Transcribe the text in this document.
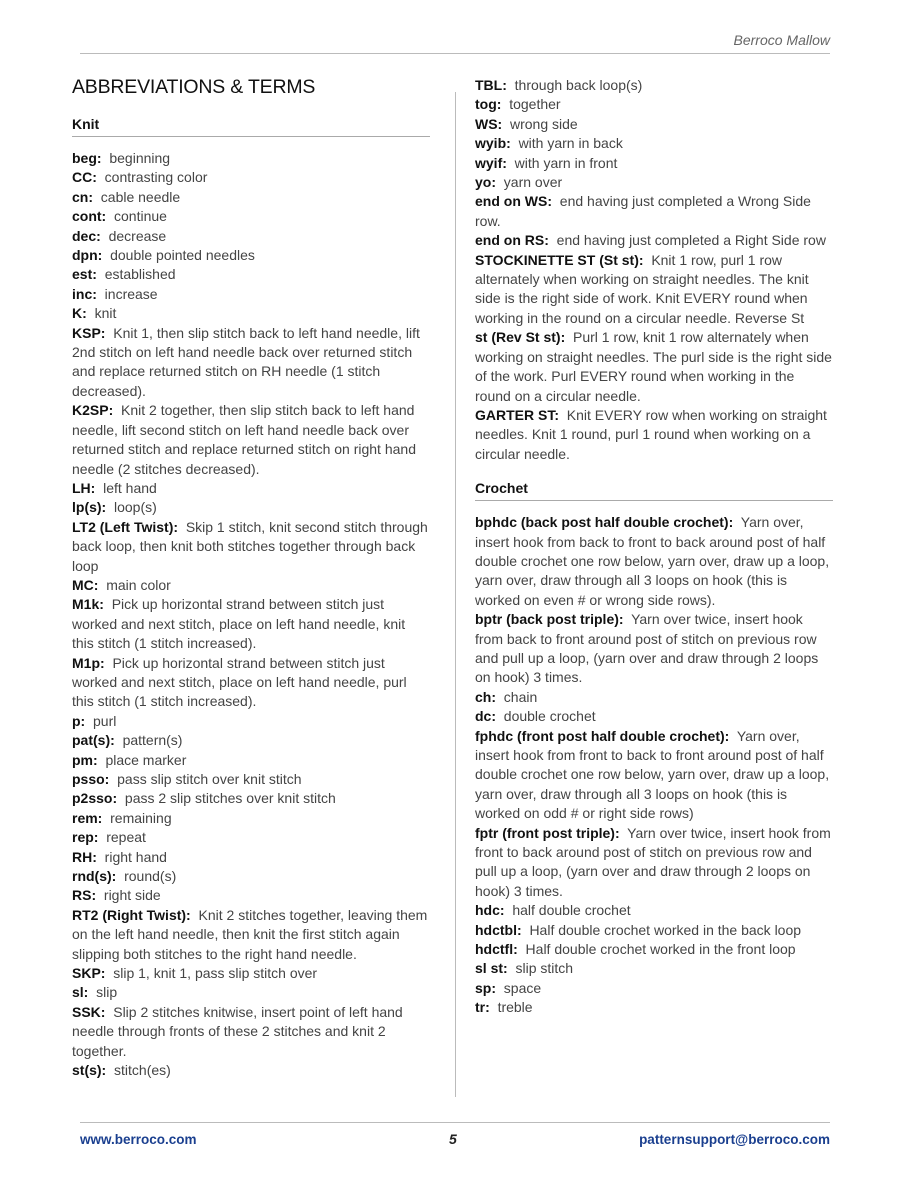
Berroco Mallow
ABBREVIATIONS & TERMS
Knit

beg: beginning

CC: contrasting color

cn: cable needle

cont: continue

dec: decrease

dpn: double pointed needles

est: established

inc: increase

K: knit

KSP: Knit 1, then slip stitch back to left hand needle, lift 2nd stitch on left hand needle back over returned stitch and replace returned stitch on RH needle (1 stitch decreased).

K2SP: Knit 2 together, then slip stitch back to left hand needle, lift second stitch on left hand needle back over returned stitch and replace returned stitch on right hand needle (2 stitches decreased).

LH: left hand

lp(s): loop(s)

LT2 (Left Twist): Skip 1 stitch, knit second stitch through back loop, then knit both stitches together through back loop

MC: main color

M1k: Pick up horizontal strand between stitch just worked and next stitch, place on left hand needle, knit this stitch (1 stitch increased).

M1p: Pick up horizontal strand between stitch just worked and next stitch, place on left hand needle, purl this stitch (1 stitch increased).

p: purl

pat(s): pattern(s)

pm: place marker

psso: pass slip stitch over knit stitch

p2sso: pass 2 slip stitches over knit stitch

rem: remaining

rep: repeat

RH: right hand

rnd(s): round(s)

RS: right side

RT2 (Right Twist): Knit 2 stitches together, leaving them on the left hand needle, then knit the first stitch again slipping both stitches to the right hand needle.

SKP: slip 1, knit 1, pass slip stitch over

sl: slip

SSK: Slip 2 stitches knitwise, insert point of left hand needle through fronts of these 2 stitches and knit 2 together.

st(s): stitch(es)

TBL: through back loop(s)

tog: together

WS: wrong side

wyib: with yarn in back

wyif: with yarn in front

yo: yarn over

end on WS: end having just completed a Wrong Side row.

end on RS: end having just completed a Right Side row

STOCKINETTE ST (St st): Knit 1 row, purl 1 row alternately when working on straight needles. The knit side is the right side of work. Knit EVERY round when working in the round on a circular needle. Reverse St

st (Rev St st): Purl 1 row, knit 1 row alternately when working on straight needles. The purl side is the right side of the work. Purl EVERY round when working in the round on a circular needle.

GARTER ST: Knit EVERY row when working on straight needles. Knit 1 round, purl 1 round when working on a circular needle.

Crochet

bphdc (back post half double crochet): Yarn over, insert hook from back to front to back around post of half double crochet one row below, yarn over, draw up a loop, yarn over, draw through all 3 loops on hook (this is worked on even # or wrong side rows).

bptr (back post triple): Yarn over twice, insert hook from back to front around post of stitch on previous row and pull up a loop, (yarn over and draw through 2 loops on hook) 3 times.

ch: chain

dc: double crochet

fphdc (front post half double crochet): Yarn over, insert hook from front to back to front around post of half double crochet one row below, yarn over, draw up a loop, yarn over, draw through all 3 loops on hook (this is worked on odd # or right side rows)

fptr (front post triple): Yarn over twice, insert hook from front to back around post of stitch on previous row and pull up a loop, (yarn over and draw through 2 loops on hook) 3 times.

hdc: half double crochet

hdctbl: Half double crochet worked in the back loop

hdctfl: Half double crochet worked in the front loop

sl st: slip stitch

sp: space

tr: treble

www.berroco.com	5	patternsupport@berroco.com
